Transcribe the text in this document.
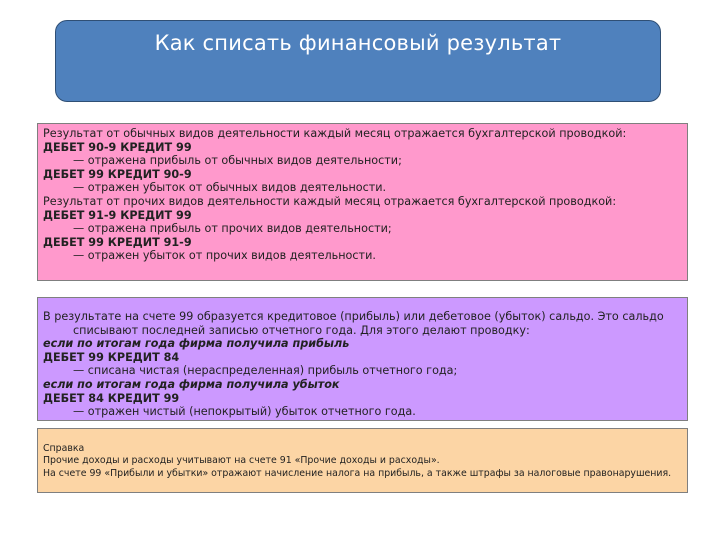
Как списать финансовый результат
Результат от обычных видов деятельности каждый месяц отражается бухгалтерской проводкой:
ДЕБЕТ 90-9 КРЕДИТ 99
— отражена прибыль от обычных видов деятельности;
ДЕБЕТ 99 КРЕДИТ 90-9
— отражен убыток от обычных видов деятельности.
Результат от прочих видов деятельности каждый месяц отражается бухгалтерской проводкой:
ДЕБЕТ 91-9 КРЕДИТ 99
— отражена прибыль от прочих видов деятельности;
ДЕБЕТ 99 КРЕДИТ 91-9
— отражен убыток от прочих видов деятельности.
В результате на счете 99 образуется кредитовое (прибыль) или дебетовое (убыток) сальдо. Это сальдо
списывают последней записью отчетного года. Для этого делают проводку:
если по итогам года фирма получила прибыль
ДЕБЕТ 99 КРЕДИТ 84
— списана чистая (нераспределенная) прибыль отчетного года;
если по итогам года фирма получила убыток
ДЕБЕТ 84 КРЕДИТ 99
— отражен чистый (непокрытый) убыток отчетного года.
Справка
Прочие доходы и расходы учитывают на счете 91 «Прочие доходы и расходы».
На счете 99 «Прибыли и убытки» отражают начисление налога на прибыль, а также штрафы за налоговые правонарушения.
